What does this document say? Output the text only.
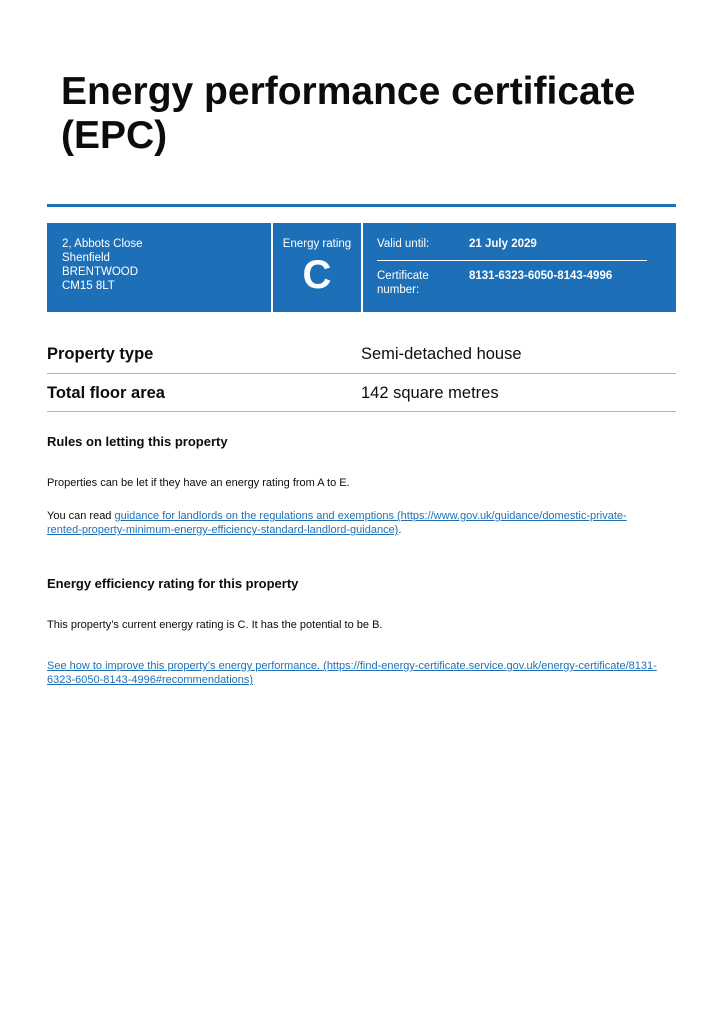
Energy performance certificate (EPC)
2, Abbots Close
Shenfield
BRENTWOOD
CM15 8LT
Energy rating
C
Valid until:	21 July 2029
Certificate number:
8131-6323-6050-8143-4996
Property type	Semi-detached house
Total floor area	142 square metres
Rules on letting this property

Properties can be let if they have an energy rating from A to E.

You can read guidance for landlords on the regulations and exemptions (https://www.gov.uk/guidance/domestic-private-
rented-property-minimum-energy-efficiency-standard-landlord-guidance).

Energy efficiency rating for this property

This property’s current energy rating is C. It has the potential to be B.

See how to improve this property’s energy performance. (https://find-energy-certificate.service.gov.uk/energy-certificate/8131-
6323-6050-8143-4996#recommendations)
